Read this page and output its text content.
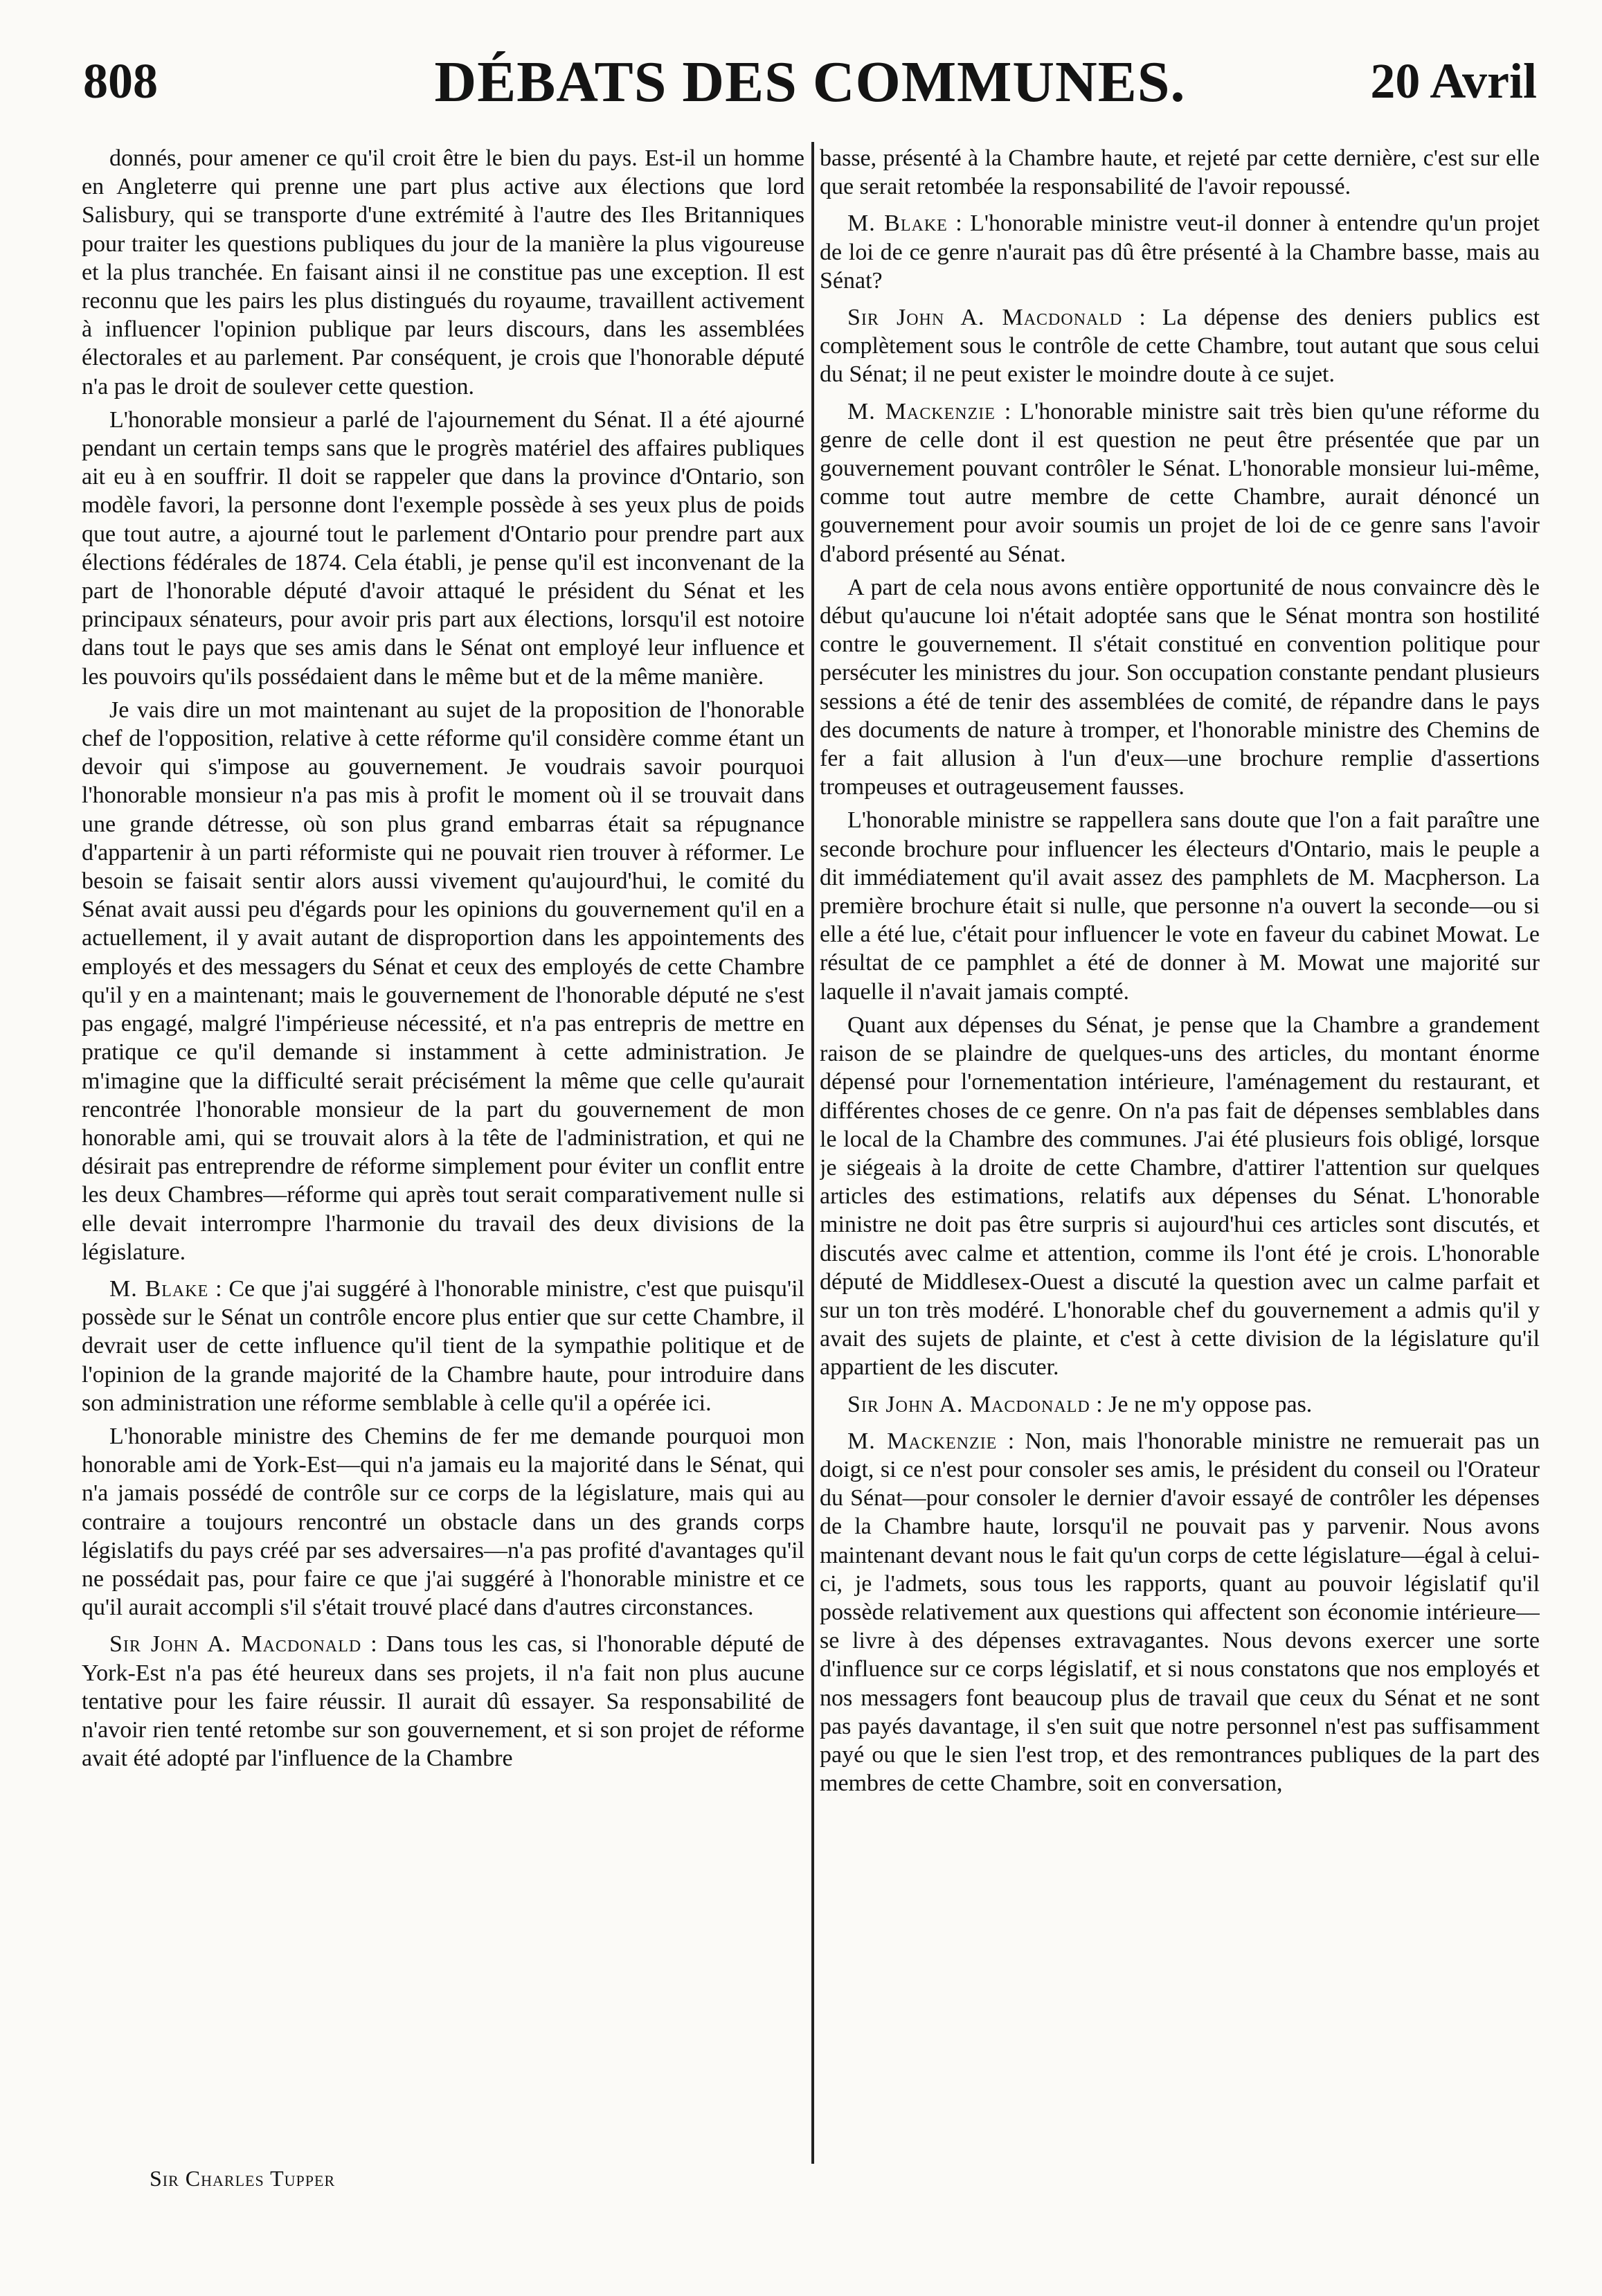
808	DÉBATS DES COMMUNES.	20 Avril

donnés, pour amener ce qu'il croit être le bien du pays. Est-il un homme en Angleterre qui prenne une part plus active aux élections que lord Salisbury, qui se transporte d'une extrémité à l'autre des Iles Britanniques pour traiter les questions publiques du jour de la manière la plus vigoureuse et la plus tranchée. En faisant ainsi il ne constitue pas une exception. Il est reconnu que les pairs les plus distingués du royaume, travaillent activement à influencer l'opinion publique par leurs discours, dans les assemblées électorales et au parlement. Par conséquent, je crois que l'honorable député n'a pas le droit de soulever cette question.

L'honorable monsieur a parlé de l'ajournement du Sénat. Il a été ajourné pendant un certain temps sans que le progrès matériel des affaires publiques ait eu à en souffrir. Il doit se rappeler que dans la province d'Ontario, son modèle favori, la personne dont l'exemple possède à ses yeux plus de poids que tout autre, a ajourné tout le parlement d'Ontario pour prendre part aux élections fédérales de 1874. Cela établi, je pense qu'il est inconvenant de la part de l'honorable député d'avoir attaqué le président du Sénat et les principaux sénateurs, pour avoir pris part aux élections, lorsqu'il est notoire dans tout le pays que ses amis dans le Sénat ont employé leur influence et les pouvoirs qu'ils possédaient dans le même but et de la même manière.

Je vais dire un mot maintenant au sujet de la proposition de l'honorable chef de l'opposition, relative à cette réforme qu'il considère comme étant un devoir qui s'impose au gouvernement. Je voudrais savoir pourquoi l'honorable monsieur n'a pas mis à profit le moment où il se trouvait dans une grande détresse, où son plus grand embarras était sa répugnance d'appartenir à un parti réformiste qui ne pouvait rien trouver à réformer. Le besoin se faisait sentir alors aussi vivement qu'aujourd'hui, le comité du Sénat avait aussi peu d'égards pour les opinions du gouvernement qu'il en a actuellement, il y avait autant de disproportion dans les appointements des employés et des messagers du Sénat et ceux des employés de cette Chambre qu'il y en a maintenant; mais le gouvernement de l'honorable député ne s'est pas engagé, malgré l'impérieuse nécessité, et n'a pas entrepris de mettre en pratique ce qu'il demande si instamment à cette administration. Je m'imagine que la difficulté serait précisément la même que celle qu'aurait rencontrée l'honorable monsieur de la part du gouvernement de mon honorable ami, qui se trouvait alors à la tête de l'administration, et qui ne désirait pas entreprendre de réforme simplement pour éviter un conflit entre les deux Chambres—réforme qui après tout serait comparativement nulle si elle devait interrompre l'harmonie du travail des deux divisions de la législature.

M. Blake : Ce que j'ai suggéré à l'honorable ministre, c'est que puisqu'il possède sur le Sénat un contrôle encore plus entier que sur cette Chambre, il devrait user de cette influence qu'il tient de la sympathie politique et de l'opinion de la grande majorité de la Chambre haute, pour introduire dans son administration une réforme semblable à celle qu'il a opérée ici.

L'honorable ministre des Chemins de fer me demande pourquoi mon honorable ami de York-Est—qui n'a jamais eu la majorité dans le Sénat, qui n'a jamais possédé de contrôle sur ce corps de la législature, mais qui au contraire a toujours rencontré un obstacle dans un des grands corps législatifs du pays créé par ses adversaires—n'a pas profité d'avantages qu'il ne possédait pas, pour faire ce que j'ai suggéré à l'honorable ministre et ce qu'il aurait accompli s'il s'était trouvé placé dans d'autres circonstances.

Sir John A. Macdonald : Dans tous les cas, si l'honorable député de York-Est n'a pas été heureux dans ses projets, il n'a fait non plus aucune tentative pour les faire réussir. Il aurait dû essayer. Sa responsabilité de n'avoir rien tenté retombe sur son gouvernement, et si son projet de réforme avait été adopté par l'influence de la Chambre

basse, présenté à la Chambre haute, et rejeté par cette dernière, c'est sur elle que serait retombée la responsabilité de l'avoir repoussé.

M. Blake : L'honorable ministre veut-il donner à entendre qu'un projet de loi de ce genre n'aurait pas dû être présenté à la Chambre basse, mais au Sénat?

Sir John A. Macdonald : La dépense des deniers publics est complètement sous le contrôle de cette Chambre, tout autant que sous celui du Sénat; il ne peut exister le moindre doute à ce sujet.

M. Mackenzie : L'honorable ministre sait très bien qu'une réforme du genre de celle dont il est question ne peut être présentée que par un gouvernement pouvant contrôler le Sénat. L'honorable monsieur lui-même, comme tout autre membre de cette Chambre, aurait dénoncé un gouvernement pour avoir soumis un projet de loi de ce genre sans l'avoir d'abord présenté au Sénat.

A part de cela nous avons entière opportunité de nous convaincre dès le début qu'aucune loi n'était adoptée sans que le Sénat montra son hostilité contre le gouvernement. Il s'était constitué en convention politique pour persécuter les ministres du jour. Son occupation constante pendant plusieurs sessions a été de tenir des assemblées de comité, de répandre dans le pays des documents de nature à tromper, et l'honorable ministre des Chemins de fer a fait allusion à l'un d'eux—une brochure remplie d'assertions trompeuses et outrageusement fausses.

L'honorable ministre se rappellera sans doute que l'on a fait paraître une seconde brochure pour influencer les électeurs d'Ontario, mais le peuple a dit immédiatement qu'il avait assez des pamphlets de M. Macpherson. La première brochure était si nulle, que personne n'a ouvert la seconde—ou si elle a été lue, c'était pour influencer le vote en faveur du cabinet Mowat. Le résultat de ce pamphlet a été de donner à M. Mowat une majorité sur laquelle il n'avait jamais compté.

Quant aux dépenses du Sénat, je pense que la Chambre a grandement raison de se plaindre de quelques-uns des articles, du montant énorme dépensé pour l'ornementation intérieure, l'aménagement du restaurant, et différentes choses de ce genre. On n'a pas fait de dépenses semblables dans le local de la Chambre des communes. J'ai été plusieurs fois obligé, lorsque je siégeais à la droite de cette Chambre, d'attirer l'attention sur quelques articles des estimations, relatifs aux dépenses du Sénat. L'honorable ministre ne doit pas être surpris si aujourd'hui ces articles sont discutés, et discutés avec calme et attention, comme ils l'ont été je crois. L'honorable député de Middlesex-Ouest a discuté la question avec un calme parfait et sur un ton très modéré. L'honorable chef du gouvernement a admis qu'il y avait des sujets de plainte, et c'est à cette division de la législature qu'il appartient de les discuter.

Sir John A. Macdonald : Je ne m'y oppose pas.

M. Mackenzie : Non, mais l'honorable ministre ne remuerait pas un doigt, si ce n'est pour consoler ses amis, le président du conseil ou l'Orateur du Sénat—pour consoler le dernier d'avoir essayé de contrôler les dépenses de la Chambre haute, lorsqu'il ne pouvait pas y parvenir. Nous avons maintenant devant nous le fait qu'un corps de cette législature—égal à celui-ci, je l'admets, sous tous les rapports, quant au pouvoir législatif qu'il possède relativement aux questions qui affectent son économie intérieure—se livre à des dépenses extravagantes. Nous devons exercer une sorte d'influence sur ce corps législatif, et si nous constatons que nos employés et nos messagers font beaucoup plus de travail que ceux du Sénat et ne sont pas payés davantage, il s'en suit que notre personnel n'est pas suffisamment payé ou que le sien l'est trop, et des remontrances publiques de la part des membres de cette Chambre, soit en conversation,

Sir Charles Tupper
